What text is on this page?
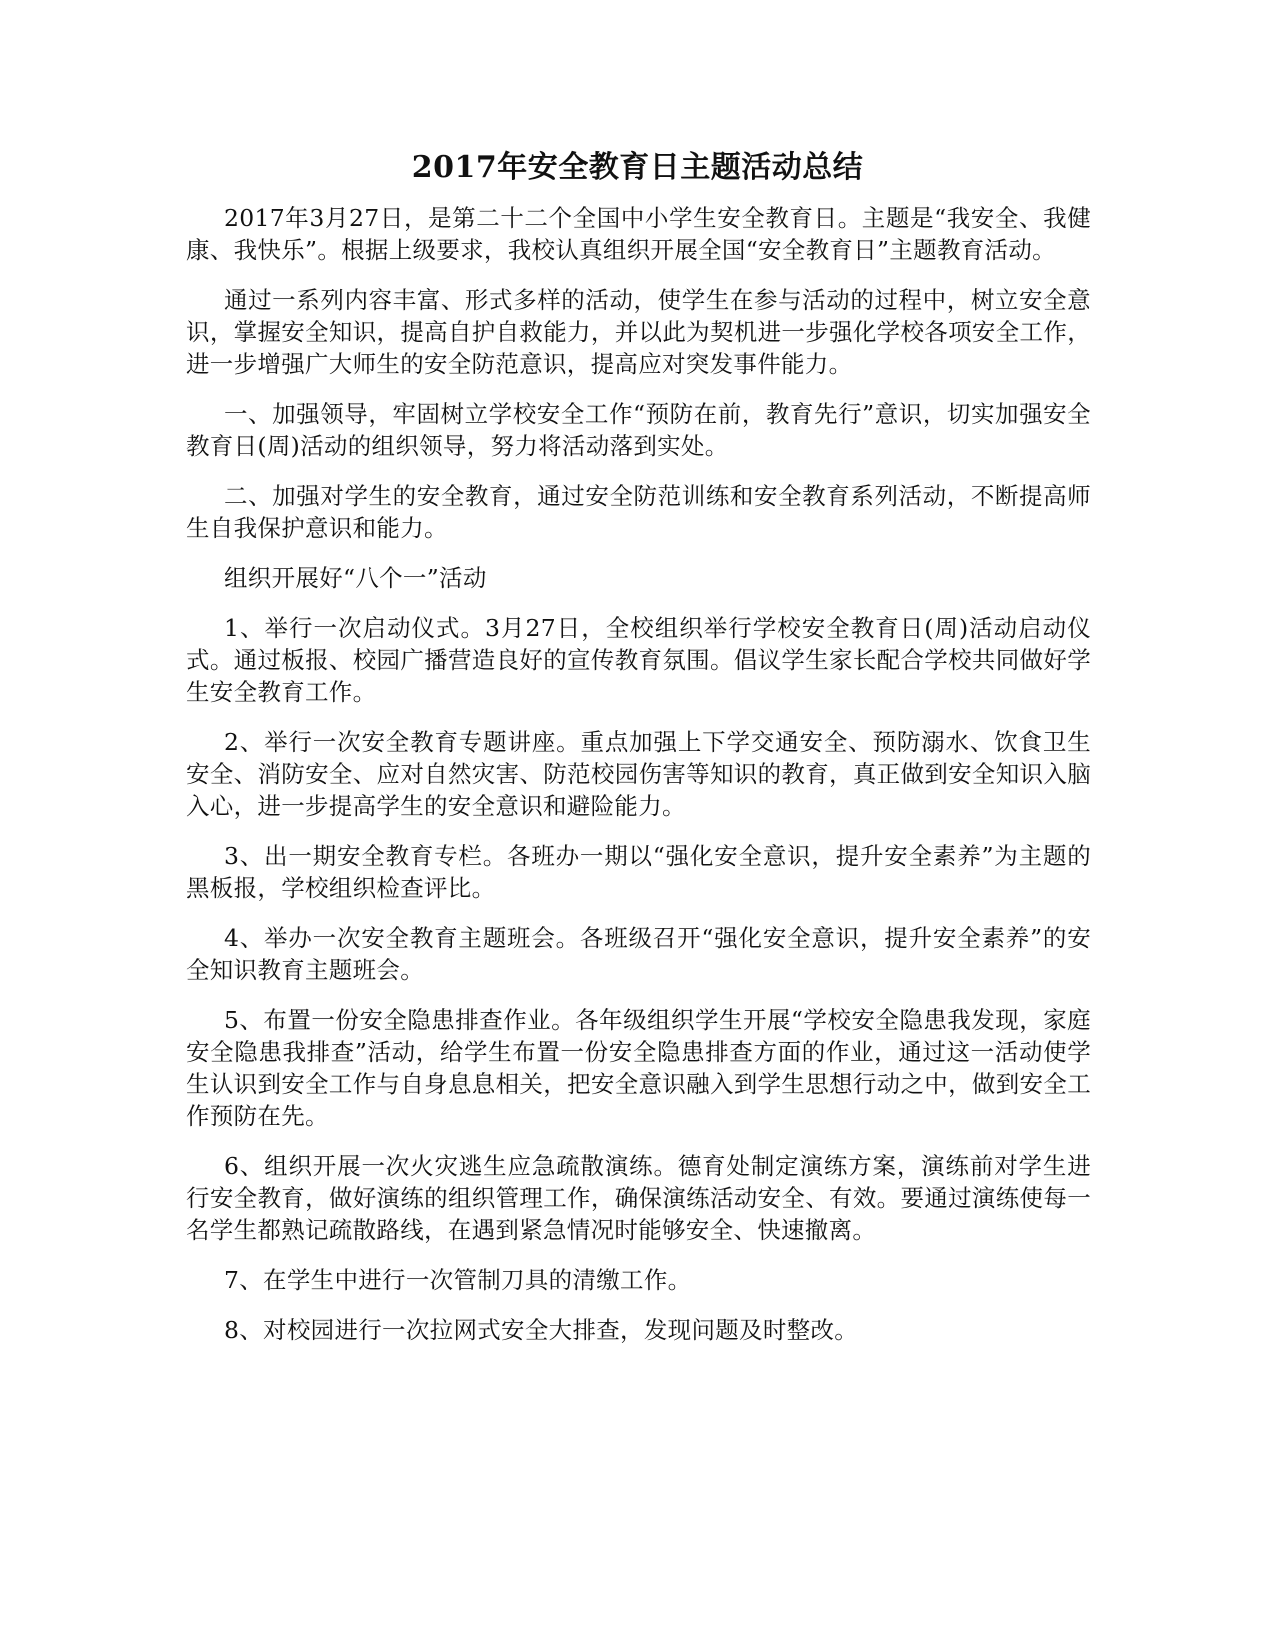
2017年安全教育日主题活动总结

2017年3月27日，是第二十二个全国中小学生安全教育日。主题是“我安全、我健康、我快乐”。根据上级要求，我校认真组织开展全国“安全教育日”主题教育活动。

通过一系列内容丰富、形式多样的活动，使学生在参与活动的过程中，树立安全意识，掌握安全知识，提高自护自救能力，并以此为契机进一步强化学校各项安全工作，进一步增强广大师生的安全防范意识，提高应对突发事件能力。

一、加强领导，牢固树立学校安全工作“预防在前，教育先行”意识，切实加强安全教育日(周)活动的组织领导，努力将活动落到实处。

二、加强对学生的安全教育，通过安全防范训练和安全教育系列活动，不断提高师生自我保护意识和能力。

组织开展好“八个一”活动

1、举行一次启动仪式。3月27日，全校组织举行学校安全教育日(周)活动启动仪式。通过板报、校园广播营造良好的宣传教育氛围。倡议学生家长配合学校共同做好学生安全教育工作。

2、举行一次安全教育专题讲座。重点加强上下学交通安全、预防溺水、饮食卫生安全、消防安全、应对自然灾害、防范校园伤害等知识的教育，真正做到安全知识入脑入心，进一步提高学生的安全意识和避险能力。

3、出一期安全教育专栏。各班办一期以“强化安全意识，提升安全素养”为主题的黑板报，学校组织检查评比。

4、举办一次安全教育主题班会。各班级召开“强化安全意识，提升安全素养”的安全知识教育主题班会。

5、布置一份安全隐患排查作业。各年级组织学生开展“学校安全隐患我发现，家庭安全隐患我排查”活动，给学生布置一份安全隐患排查方面的作业，通过这一活动使学生认识到安全工作与自身息息相关，把安全意识融入到学生思想行动之中，做到安全工作预防在先。

6、组织开展一次火灾逃生应急疏散演练。德育处制定演练方案，演练前对学生进行安全教育，做好演练的组织管理工作，确保演练活动安全、有效。要通过演练使每一名学生都熟记疏散路线，在遇到紧急情况时能够安全、快速撤离。

7、在学生中进行一次管制刀具的清缴工作。

8、对校园进行一次拉网式安全大排查，发现问题及时整改。
